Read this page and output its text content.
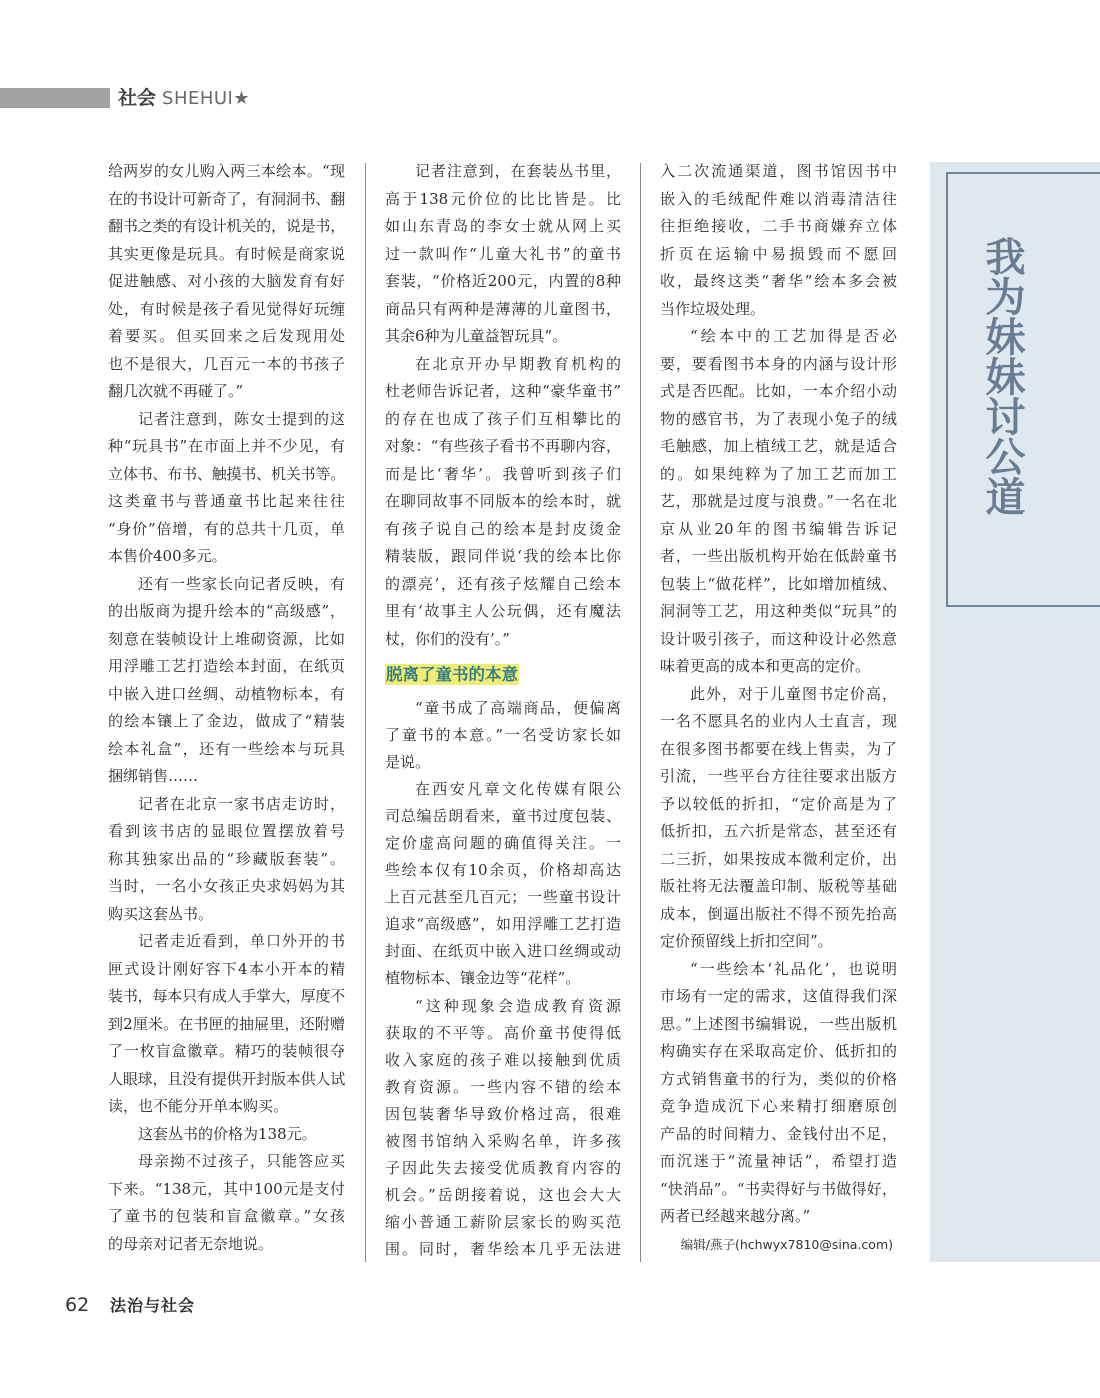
社会 SHEHUI★
给两岁的女儿购入两三本绘本。“现
在的书设计可新奇了，有洞洞书、翻
翻书之类的有设计机关的，说是书，
其实更像是玩具。有时候是商家说
促进触感、对小孩的大脑发育有好
处，有时候是孩子看见觉得好玩缠
着要买。但买回来之后发现用处
也不是很大，几百元一本的书孩子
翻几次就不再碰了。”
记者注意到，陈女士提到的这
种“玩具书”在市面上并不少见，有
立体书、布书、触摸书、机关书等。
这类童书与普通童书比起来往往
“身价”倍增，有的总共十几页，单
本售价400多元。
还有一些家长向记者反映，有
的出版商为提升绘本的“高级感”，
刻意在装帧设计上堆砌资源，比如
用浮雕工艺打造绘本封面，在纸页
中嵌入进口丝绸、动植物标本，有
的绘本镶上了金边，做成了“精装
绘本礼盒”，还有一些绘本与玩具
捆绑销售……
记者在北京一家书店走访时，
看到该书店的显眼位置摆放着号
称其独家出品的“珍藏版套装”。
当时，一名小女孩正央求妈妈为其
购买这套丛书。
记者走近看到，单口外开的书
匣式设计刚好容下4本小开本的精
装书，每本只有成人手掌大，厚度不
到2厘米。在书匣的抽屉里，还附赠
了一枚盲盒徽章。精巧的装帧很夺
人眼球，且没有提供开封版本供人试
读，也不能分开单本购买。
这套丛书的价格为138元。
母亲拗不过孩子，只能答应买
下来。“138元，其中100元是支付
了童书的包装和盲盒徽章。”女孩
的母亲对记者无奈地说。
记者注意到，在套装丛书里，
高于138元价位的比比皆是。比
如山东青岛的李女士就从网上买
过一款叫作“儿童大礼书”的童书
套装，“价格近200元，内置的8种
商品只有两种是薄薄的儿童图书，
其余6种为儿童益智玩具”。
在北京开办早期教育机构的
杜老师告诉记者，这种“豪华童书”
的存在也成了孩子们互相攀比的
对象：“有些孩子看书不再聊内容，
而是比‘奢华’。我曾听到孩子们
在聊同故事不同版本的绘本时，就
有孩子说自己的绘本是封皮烫金
精装版，跟同伴说‘我的绘本比你
的漂亮’，还有孩子炫耀自己绘本
里有‘故事主人公玩偶，还有魔法
杖，你们的没有’。”
脱离了童书的本意
“童书成了高端商品，便偏离
了童书的本意。”一名受访家长如
是说。
在西安凡章文化传媒有限公
司总编岳朗看来，童书过度包装、
定价虚高问题的确值得关注。一
些绘本仅有10余页，价格却高达
上百元甚至几百元；一些童书设计
追求“高级感”，如用浮雕工艺打造
封面、在纸页中嵌入进口丝绸或动
植物标本、镶金边等“花样”。
“这种现象会造成教育资源
获取的不平等。高价童书使得低
收入家庭的孩子难以接触到优质
教育资源。一些内容不错的绘本
因包装奢华导致价格过高，很难
被图书馆纳入采购名单，许多孩
子因此失去接受优质教育内容的
机会。”岳朗接着说，这也会大大
缩小普通工薪阶层家长的购买范
围。同时，奢华绘本几乎无法进
入二次流通渠道，图书馆因书中
嵌入的毛绒配件难以消毒清洁往
往拒绝接收，二手书商嫌弃立体
折页在运输中易损毁而不愿回
收，最终这类“奢华”绘本多会被
当作垃圾处理。
“绘本中的工艺加得是否必
要，要看图书本身的内涵与设计形
式是否匹配。比如，一本介绍小动
物的感官书，为了表现小兔子的绒
毛触感，加上植绒工艺，就是适合
的。如果纯粹为了加工艺而加工
艺，那就是过度与浪费。”一名在北
京从业20年的图书编辑告诉记
者，一些出版机构开始在低龄童书
包装上“做花样”，比如增加植绒、
洞洞等工艺，用这种类似“玩具”的
设计吸引孩子，而这种设计必然意
味着更高的成本和更高的定价。
此外，对于儿童图书定价高，
一名不愿具名的业内人士直言，现
在很多图书都要在线上售卖，为了
引流，一些平台方往往要求出版方
予以较低的折扣，“定价高是为了
低折扣，五六折是常态，甚至还有
二三折，如果按成本微利定价，出
版社将无法覆盖印制、版税等基础
成本，倒逼出版社不得不预先抬高
定价预留线上折扣空间”。
“一些绘本‘礼品化’，也说明
市场有一定的需求，这值得我们深
思。”上述图书编辑说，一些出版机
构确实存在采取高定价、低折扣的
方式销售童书的行为，类似的价格
竞争造成沉下心来精打细磨原创
产品的时间精力、金钱付出不足，
而沉迷于“流量神话”，希望打造
“快消品”。“书卖得好与书做得好，
两者已经越来越分离。”
编辑/燕子(hchwyx7810@sina.com)
我为妹妹讨公道
62 法治与社会
